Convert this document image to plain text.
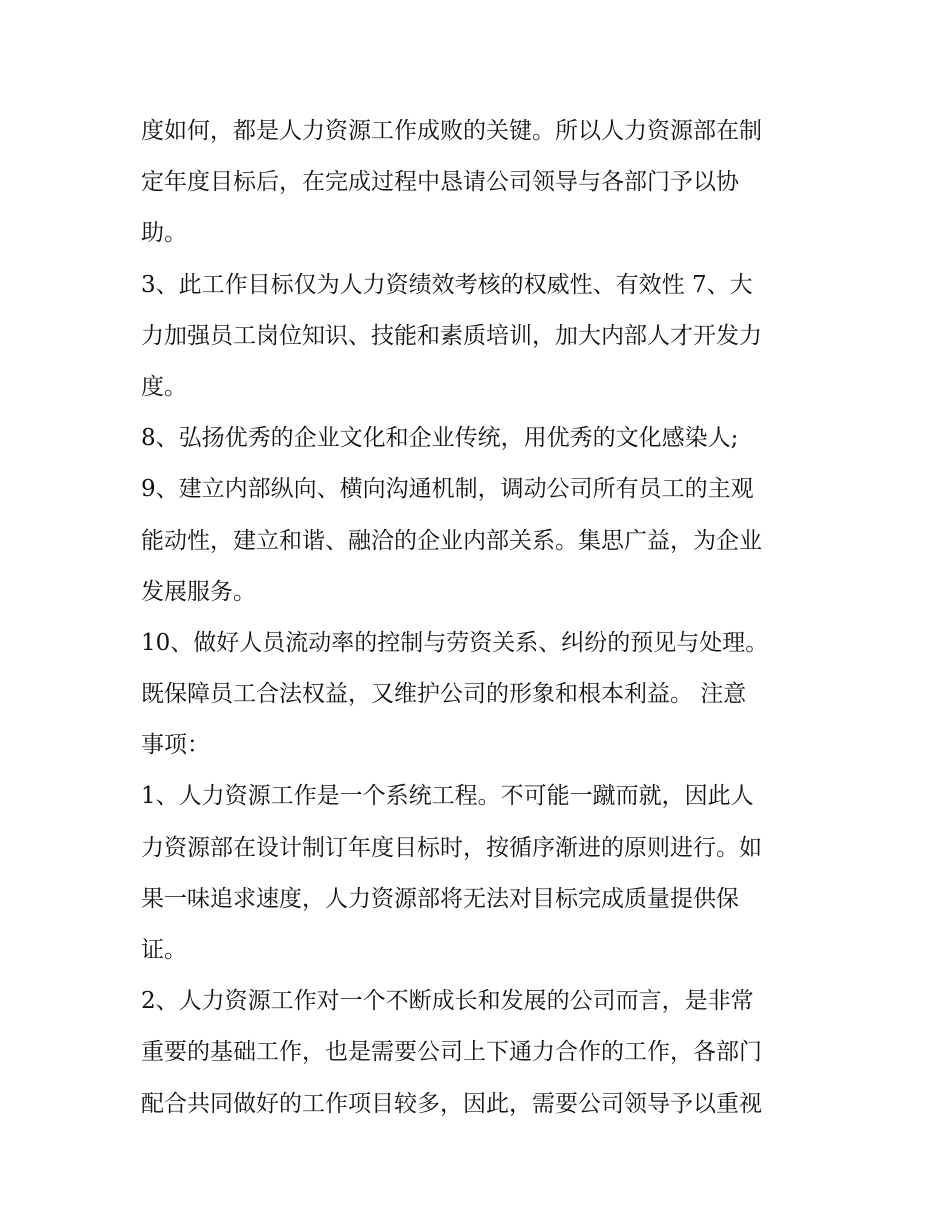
度如何，都是人力资源工作成败的关键。所以人力资源部在制
定年度目标后，在完成过程中恳请公司领导与各部门予以协
助。
3、此工作目标仅为人力资绩效考核的权威性、有效性 7、大
力加强员工岗位知识、技能和素质培训，加大内部人才开发力
度。
8、弘扬优秀的企业文化和企业传统，用优秀的文化感染人;
9、建立内部纵向、横向沟通机制，调动公司所有员工的主观
能动性，建立和谐、融洽的企业内部关系。集思广益，为企业
发展服务。
10、做好人员流动率的控制与劳资关系、纠纷的预见与处理。
既保障员工合法权益，又维护公司的形象和根本利益。 注意
事项：
1、人力资源工作是一个系统工程。不可能一蹴而就，因此人
力资源部在设计制订年度目标时，按循序渐进的原则进行。如
果一味追求速度，人力资源部将无法对目标完成质量提供保
证。
2、人力资源工作对一个不断成长和发展的公司而言，是非常
重要的基础工作，也是需要公司上下通力合作的工作，各部门
配合共同做好的工作项目较多，因此，需要公司领导予以重视
